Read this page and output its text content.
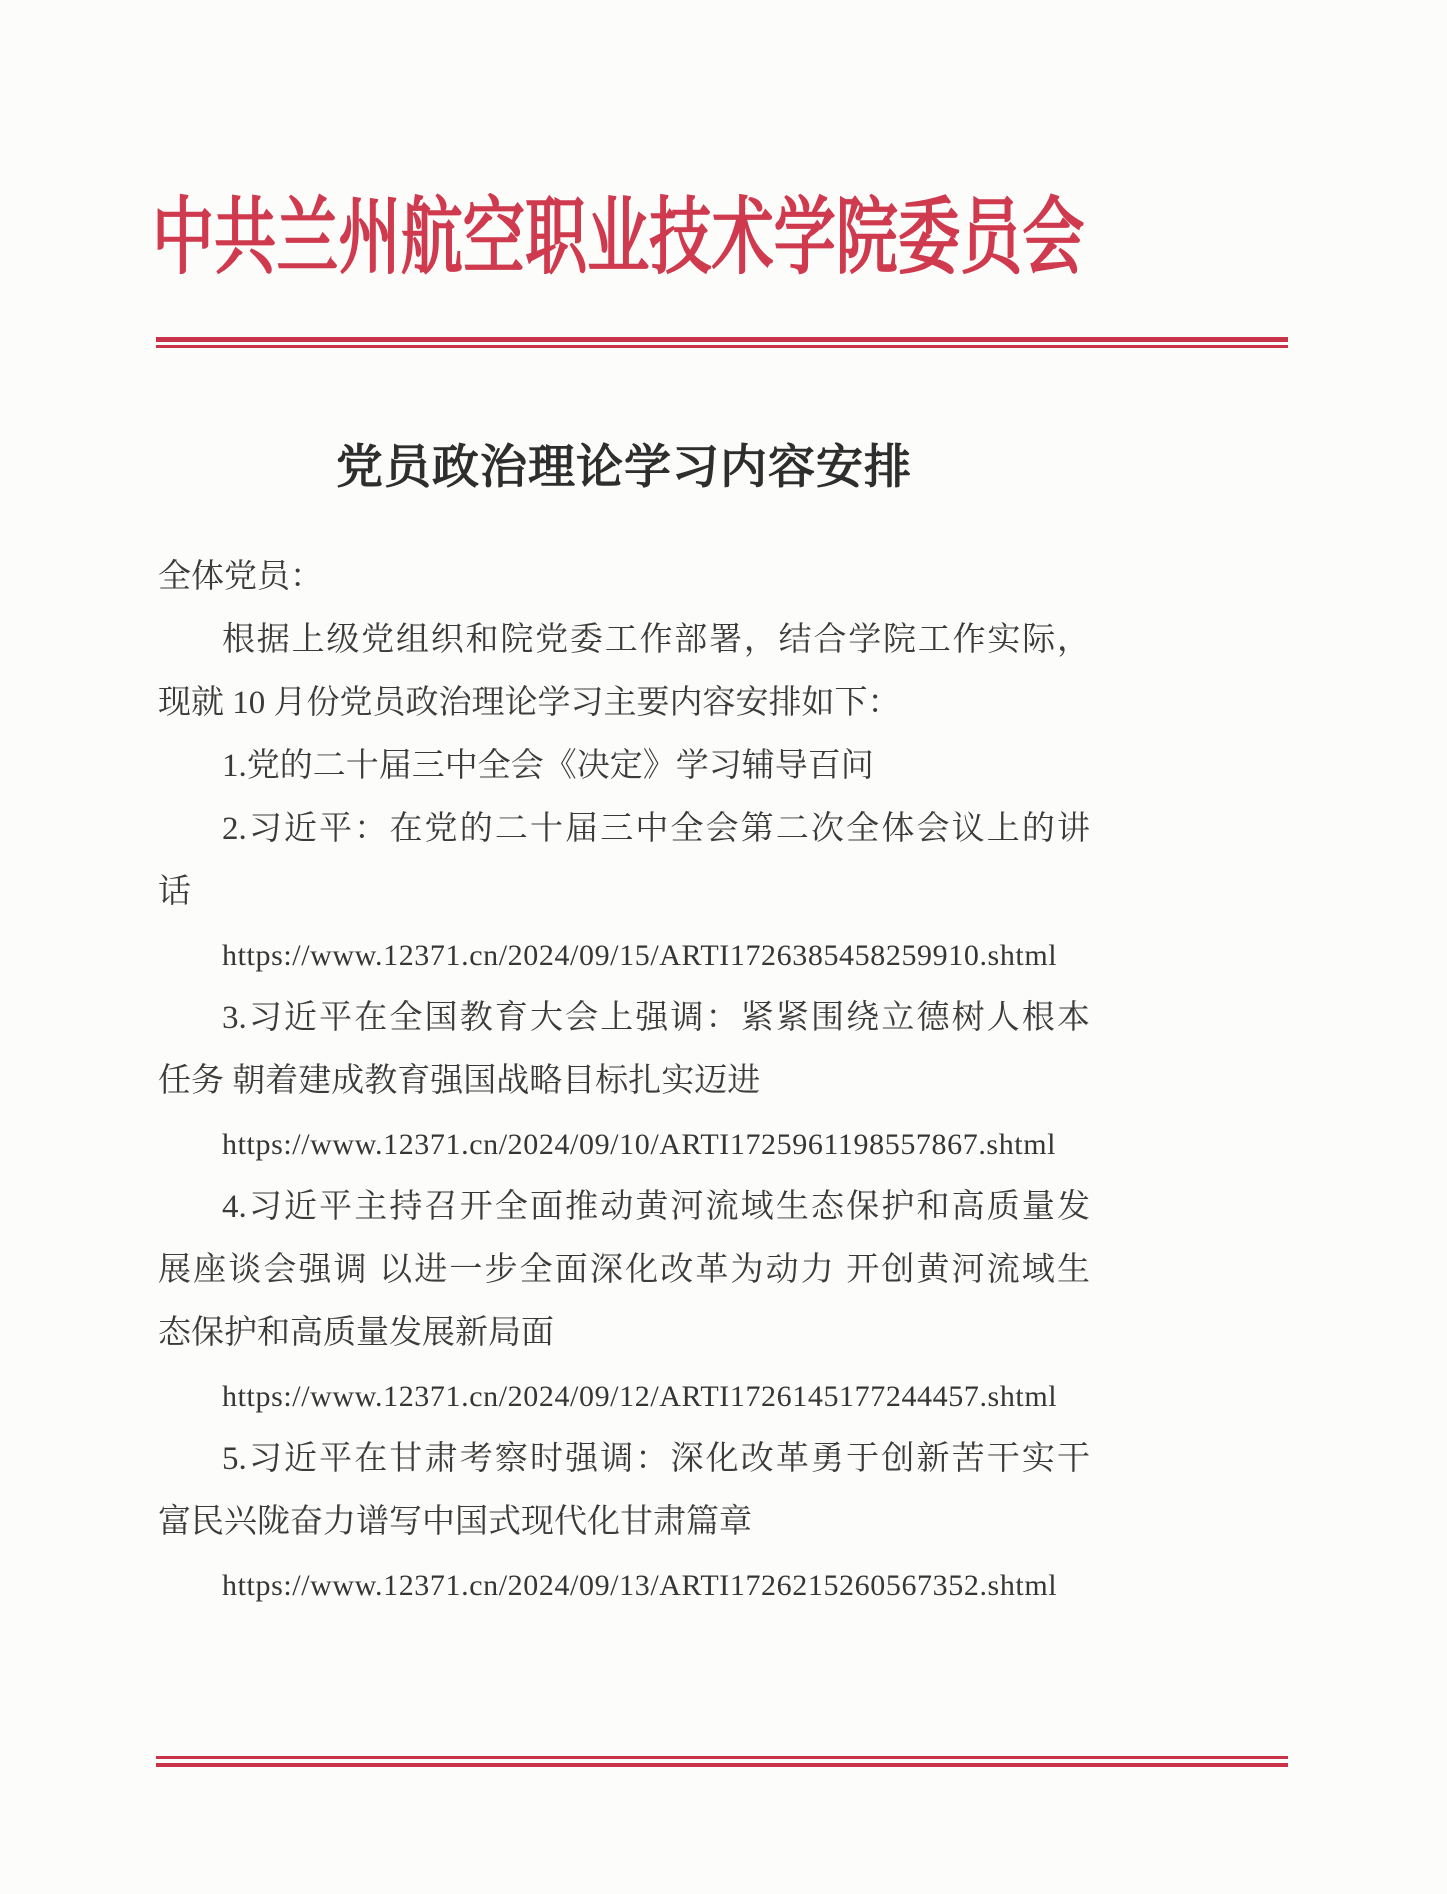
中共兰州航空职业技术学院委员会
党员政治理论学习内容安排
全体党员：
根据上级党组织和院党委工作部署，结合学院工作实际，
现就 10 月份党员政治理论学习主要内容安排如下：
1.党的二十届三中全会《决定》学习辅导百问
2.习近平：在党的二十届三中全会第二次全体会议上的讲
话
https://www.12371.cn/2024/09/15/ARTI1726385458259910.shtml
3.习近平在全国教育大会上强调：紧紧围绕立德树人根本
任务 朝着建成教育强国战略目标扎实迈进
https://www.12371.cn/2024/09/10/ARTI1725961198557867.shtml
4.习近平主持召开全面推动黄河流域生态保护和高质量发
展座谈会强调 以进一步全面深化改革为动力 开创黄河流域生
态保护和高质量发展新局面
https://www.12371.cn/2024/09/12/ARTI1726145177244457.shtml
5.习近平在甘肃考察时强调：深化改革勇于创新苦干实干
富民兴陇奋力谱写中国式现代化甘肃篇章
https://www.12371.cn/2024/09/13/ARTI1726215260567352.shtml
